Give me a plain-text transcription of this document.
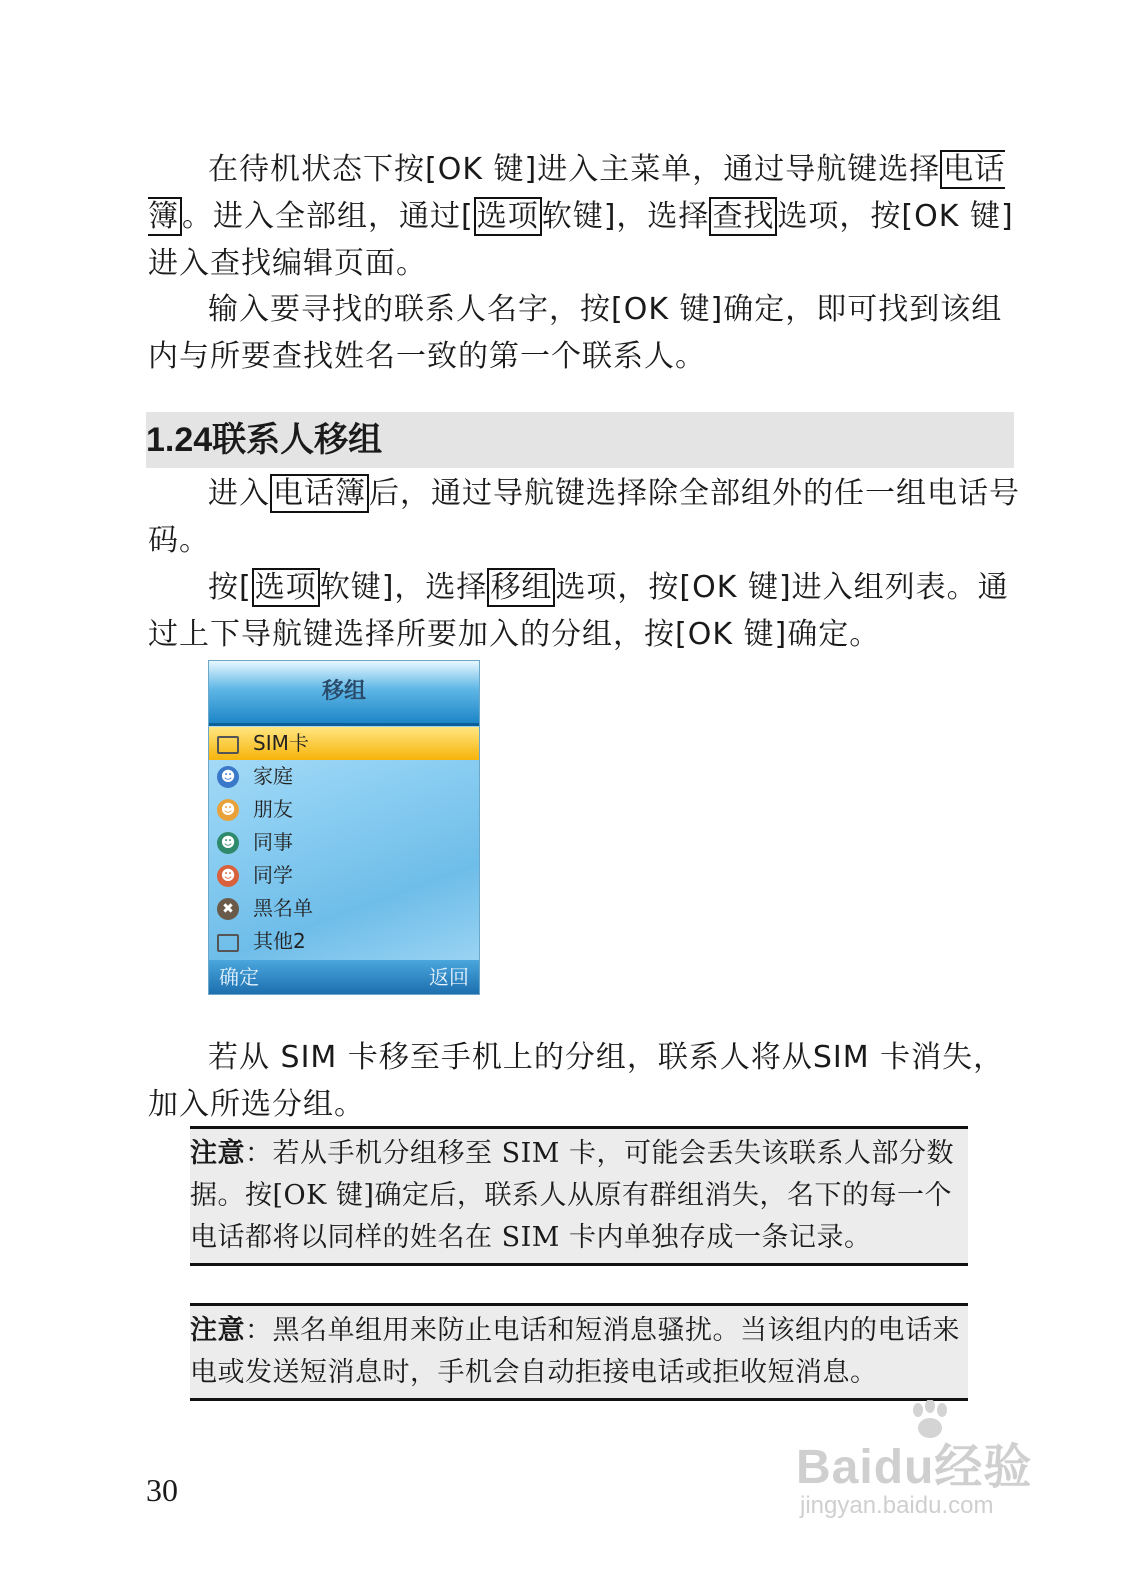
在待机状态下按[OK 键]进入主菜单，通过导航键选择 电话簿 。进入全部组，通过[ 选项 软键]，选择 查找 选项，按[OK 键]进入查找编辑页面。
输入要寻找的联系人名字，按[OK 键]确定，即可找到该组内与所要查找姓名一致的第一个联系人。
1.24联系人移组
进入 电话簿 后，通过导航键选择除全部组外的任一组电话号码。
按[ 选项 软键]，选择 移组 选项，按[OK 键]进入组列表。通过上下导航键选择所要加入的分组，按[OK 键]确定。
移组
SIM卡
☻ 家庭
☻ 朋友
☻ 同事
☻ 同学
✖ 黑名单
其他2
确定	返回
若从 SIM 卡移至手机上的分组，联系人将从SIM 卡消失，加入所选分组。
注意：若从手机分组移至 SIM 卡，可能会丢失该联系人部分数据。按[OK 键]确定后，联系人从原有群组消失，名下的每一个电话都将以同样的姓名在 SIM 卡内单独存成一条记录。
注意：黑名单组用来防止电话和短消息骚扰。当该组内的电话来电或发送短消息时，手机会自动拒接电话或拒收短消息。
30	Baidu经验
jingyan.baidu.com
